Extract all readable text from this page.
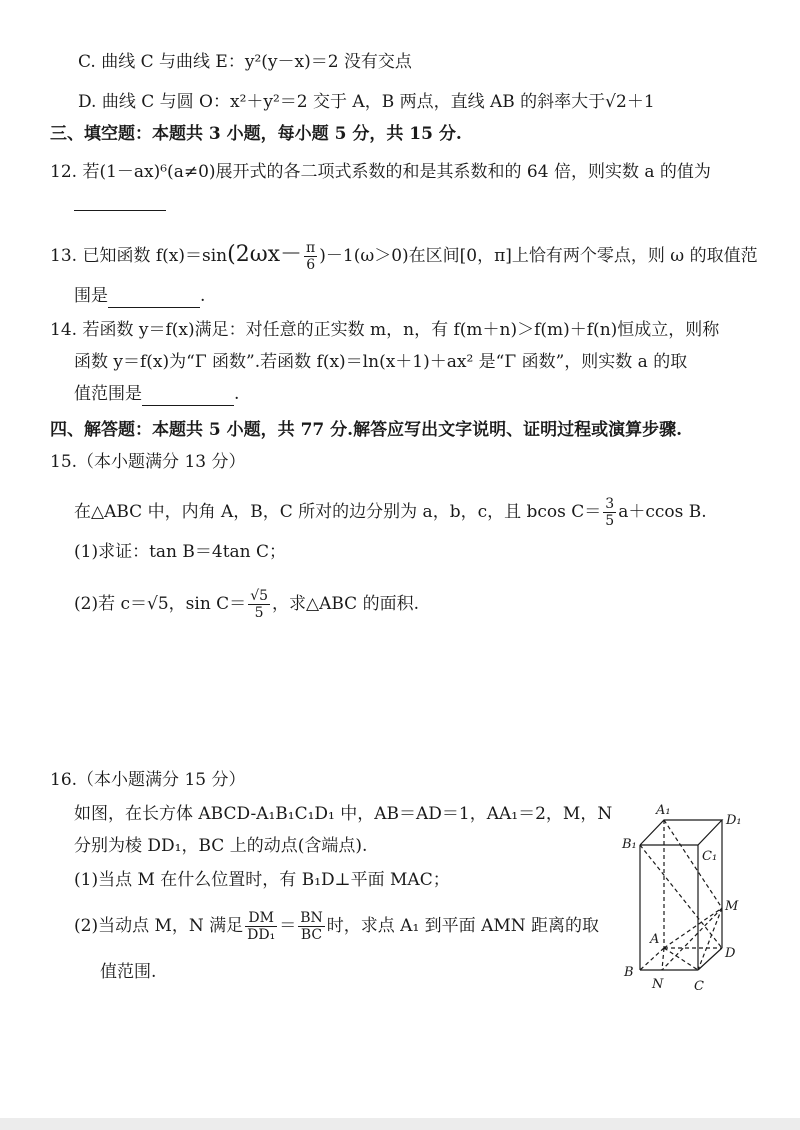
C. 曲线 C 与曲线 E：y²(y－x)＝2 没有交点
D. 曲线 C 与圆 O：x²＋y²＝2 交于 A，B 两点，直线 AB 的斜率大于√2＋1
三、填空题：本题共 3 小题，每小题 5 分，共 15 分.
12. 若(1－ax)⁶(a≠0)展开式的各二项式系数的和是其系数和的 64 倍，则实数 a 的值为
13. 已知函数 $f(x)=\sin(2\omega x- \frac{\pi}{6} )-1(\omega>0)$在区间[0，π]上恰有两个零点，则 ω 的取值范
围是	.
14. 若函数 y＝f(x)满足：对任意的正实数 m，n，有 f(m＋n)＞f(m)＋f(n)恒成立，则称
函数 y＝f(x)为“Γ 函数”.若函数 f(x)＝ln(x＋1)＋ax² 是“Γ 函数”，则实数 a 的取
值范围是	.
四、解答题：本题共 5 小题，共 77 分.解答应写出文字说明、证明过程或演算步骤.
15.（本小题满分 13 分）
在△ABC 中，内角 A，B，C 所对的边分别为 a，b，c，且 bcos $C= \frac{3}{5} a+ccos$ B.
(1)求证：tan B＝4tan C；
(2)若 c＝√5，$\sin C= \frac{√5}{5}$ ，求△ABC 的面积.
16.（本小题满分 15 分）
如图，在长方体 ABCD-A₁B₁C₁D₁ 中，AB＝AD＝1，AA₁＝2，M，N
分别为棱 DD₁，BC 上的动点(含端点).
(1)当点 M 在什么位置时，有 B₁D⊥平面 MAC；
(2)当动点 M，N 满足 $\frac{DM}{\text{DD₁}} = \frac{BN}{BC}$ 时，求点 A₁ 到平面 AMN 距离的取
值范围.
A₁
D₁
B₁
C₁
M
A
D
B
N C
